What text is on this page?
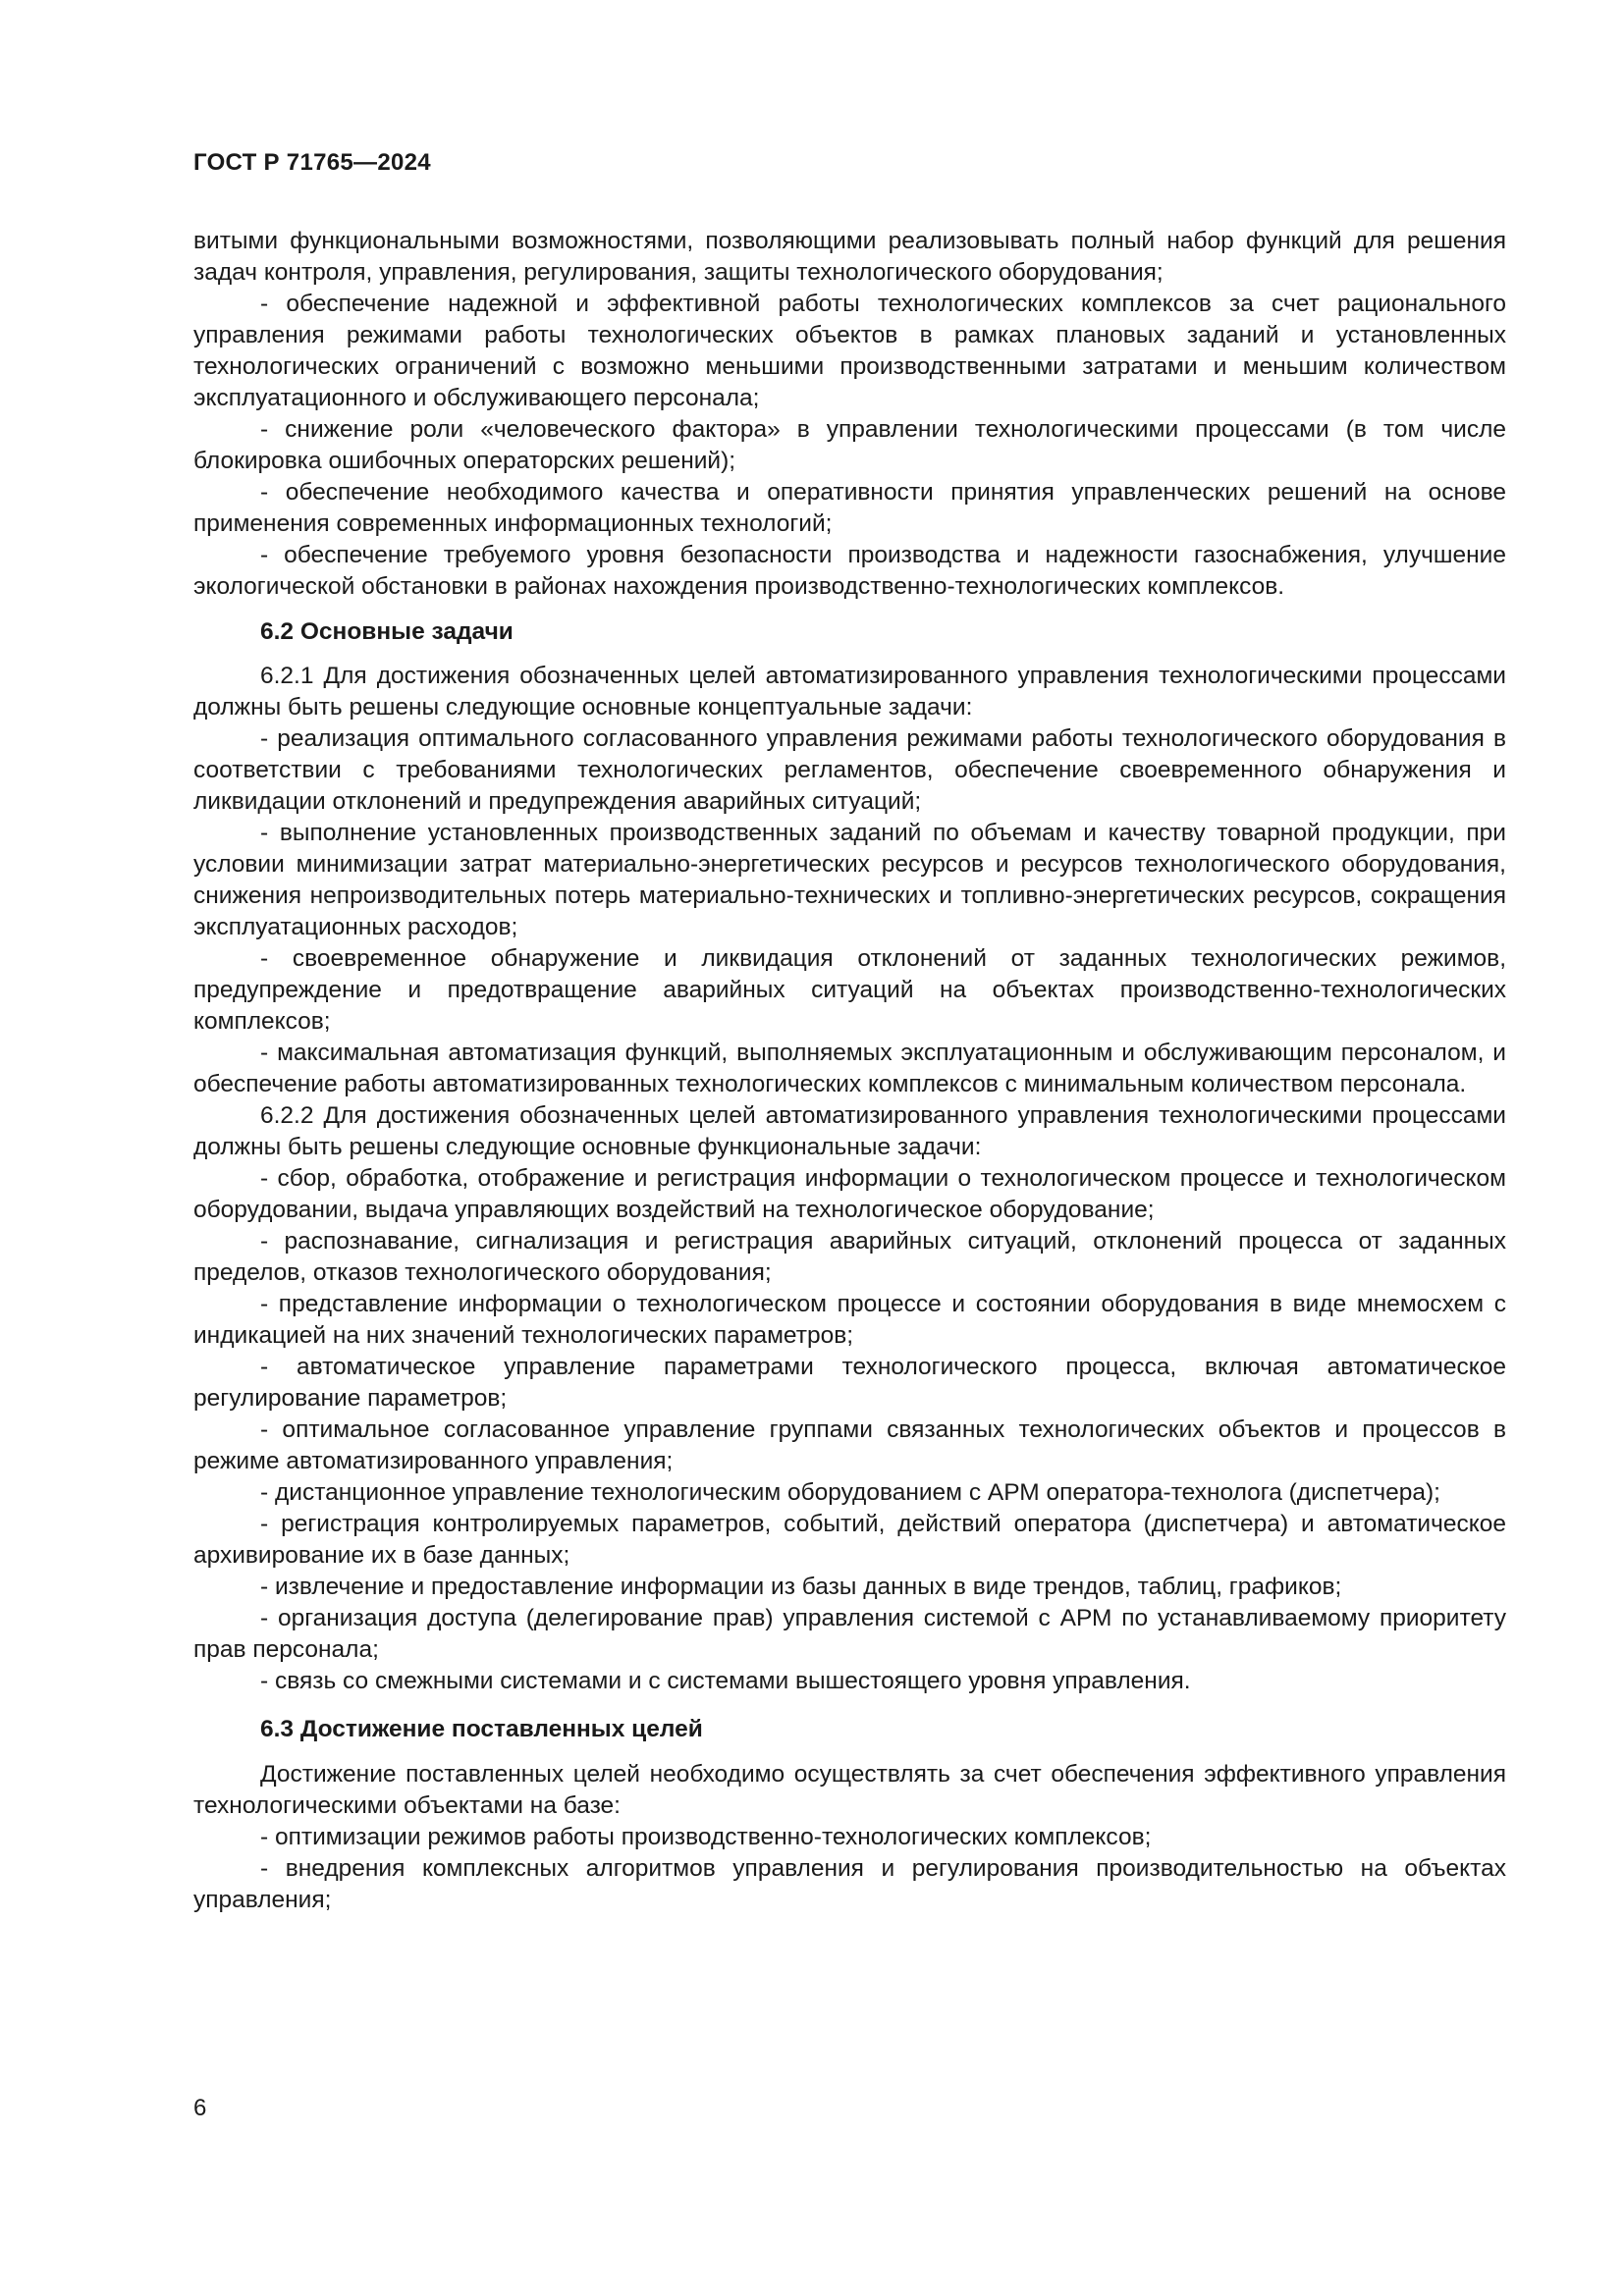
ГОСТ Р 71765—2024

витыми функциональными возможностями, позволяющими реализовывать полный набор функций для решения задач контроля, управления, регулирования, защиты технологического оборудования;

- обеспечение надежной и эффективной работы технологических комплексов за счет рационального управления режимами работы технологических объектов в рамках плановых заданий и установленных технологических ограничений с возможно меньшими производственными затратами и меньшим количеством эксплуатационного и обслуживающего персонала;

- снижение роли «человеческого фактора» в управлении технологическими процессами (в том числе блокировка ошибочных операторских решений);

- обеспечение необходимого качества и оперативности принятия управленческих решений на основе применения современных информационных технологий;

- обеспечение требуемого уровня безопасности производства и надежности газоснабжения, улучшение экологической обстановки в районах нахождения производственно-технологических комплексов.

6.2 Основные задачи

6.2.1 Для достижения обозначенных целей автоматизированного управления технологическими процессами должны быть решены следующие основные концептуальные задачи:

- реализация оптимального согласованного управления режимами работы технологического оборудования в соответствии с требованиями технологических регламентов, обеспечение своевременного обнаружения и ликвидации отклонений и предупреждения аварийных ситуаций;

- выполнение установленных производственных заданий по объемам и качеству товарной продукции, при условии минимизации затрат материально-энергетических ресурсов и ресурсов технологического оборудования, снижения непроизводительных потерь материально-технических и топливно-энергетических ресурсов, сокращения эксплуатационных расходов;

- своевременное обнаружение и ликвидация отклонений от заданных технологических режимов, предупреждение и предотвращение аварийных ситуаций на объектах производственно-технологических комплексов;

- максимальная автоматизация функций, выполняемых эксплуатационным и обслуживающим персоналом, и обеспечение работы автоматизированных технологических комплексов с минимальным количеством персонала.

6.2.2 Для достижения обозначенных целей автоматизированного управления технологическими процессами должны быть решены следующие основные функциональные задачи:

- сбор, обработка, отображение и регистрация информации о технологическом процессе и технологическом оборудовании, выдача управляющих воздействий на технологическое оборудование;

- распознавание, сигнализация и регистрация аварийных ситуаций, отклонений процесса от заданных пределов, отказов технологического оборудования;

- представление информации о технологическом процессе и состоянии оборудования в виде мнемосхем с индикацией на них значений технологических параметров;

- автоматическое управление параметрами технологического процесса, включая автоматическое регулирование параметров;

- оптимальное согласованное управление группами связанных технологических объектов и процессов в режиме автоматизированного управления;

- дистанционное управление технологическим оборудованием с АРМ оператора-технолога (диспетчера);

- регистрация контролируемых параметров, событий, действий оператора (диспетчера) и автоматическое архивирование их в базе данных;

- извлечение и предоставление информации из базы данных в виде трендов, таблиц, графиков;

- организация доступа (делегирование прав) управления системой с АРМ по устанавливаемому приоритету прав персонала;

- связь со смежными системами и с системами вышестоящего уровня управления.

6.3 Достижение поставленных целей

Достижение поставленных целей необходимо осуществлять за счет обеспечения эффективного управления технологическими объектами на базе:

- оптимизации режимов работы производственно-технологических комплексов;

- внедрения комплексных алгоритмов управления и регулирования производительностью на объектах управления;

6
